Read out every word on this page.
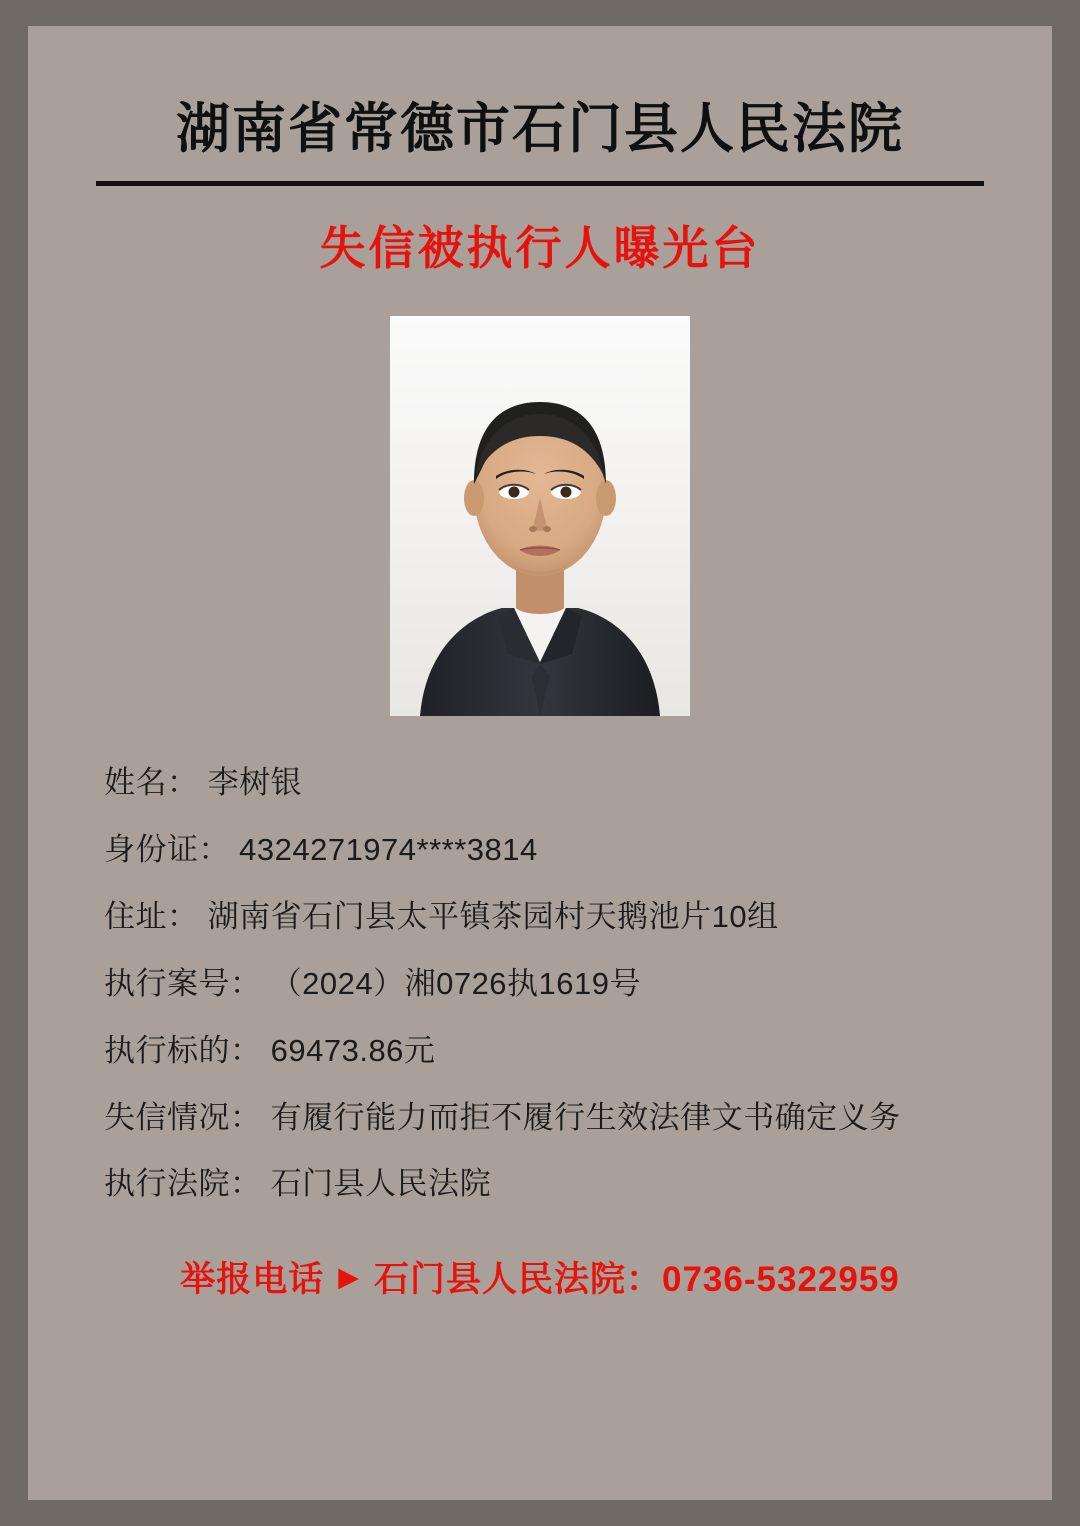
湖南省常德市石门县人民法院
失信被执行人曝光台
姓名： 李树银
身份证： 4324271974****3814
住址： 湖南省石门县太平镇茶园村天鹅池片10组
执行案号： （2024）湘0726执1619号
执行标的： 69473.86元
失信情况： 有履行能力而拒不履行生效法律文书确定义务
执行法院： 石门县人民法院
举报电话 ▶ 石门县人民法院：0736-5322959
